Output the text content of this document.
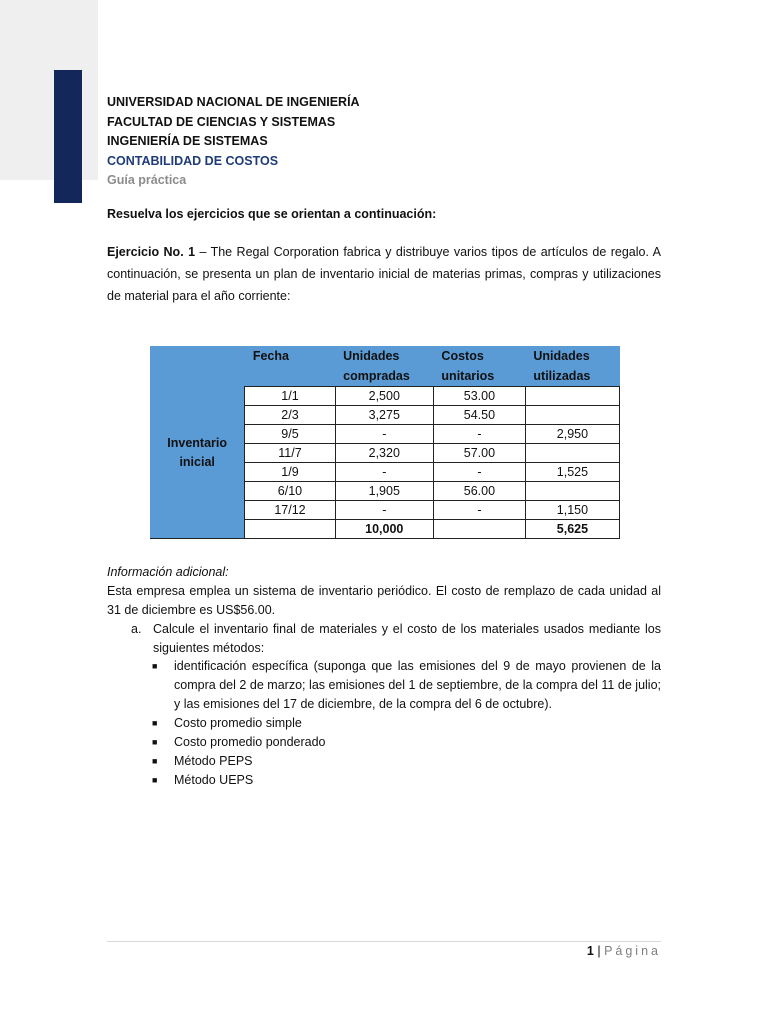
UNIVERSIDAD NACIONAL DE INGENIERÍA
FACULTAD DE CIENCIAS Y SISTEMAS
INGENIERÍA DE SISTEMAS
CONTABILIDAD DE COSTOS
Guía práctica
Resuelva los ejercicios que se orientan a continuación:
Ejercicio No. 1 – The Regal Corporation fabrica y distribuye varios tipos de artículos de regalo. A continuación, se presenta un plan de inventario inicial de materias primas, compras y utilizaciones de material para el año corriente:
	Fecha	Unidades compradas	Costos unitarios	Unidades utilizadas
Inventario inicial	1/1	2,500	53.00	
	2/3	3,275	54.50	
	9/5	-	-	2,950
	11/7	2,320	57.00	
	1/9	-	-	1,525
	6/10	1,905	56.00	
	17/12	-	-	1,150
		10,000		5,625

Información adicional:

Esta empresa emplea un sistema de inventario periódico. El costo de remplazo de cada unidad al 31 de diciembre es US$56.00.

a. Calcule el inventario final de materiales y el costo de los materiales usados mediante los siguientes métodos:
■ identificación específica (suponga que las emisiones del 9 de mayo provienen de la compra del 2 de marzo; las emisiones del 1 de septiembre, de la compra del 11 de julio; y las emisiones del 17 de diciembre, de la compra del 6 de octubre).
■ Costo promedio simple
■ Costo promedio ponderado
■ Método PEPS
■ Método UEPS
1 | Página
